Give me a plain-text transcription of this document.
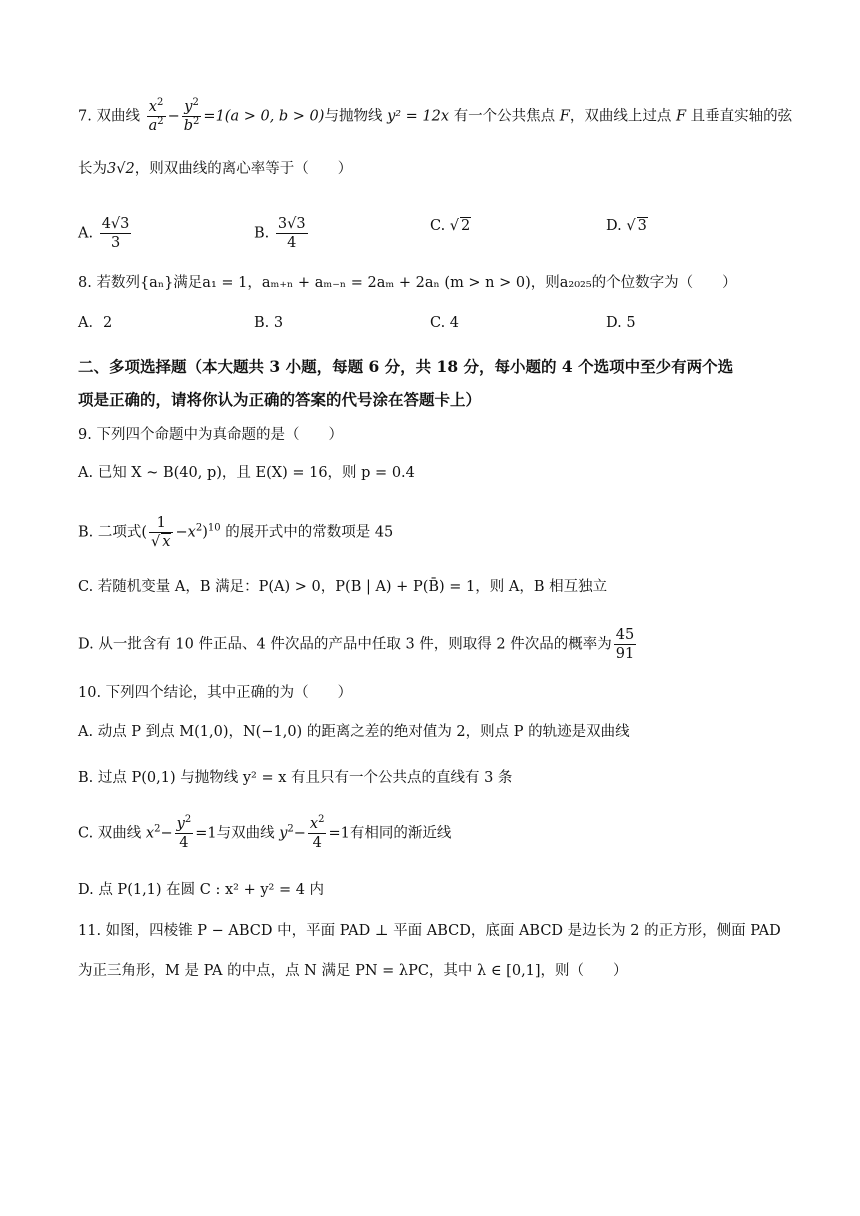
7. 双曲线 $\frac{x^2}{a^2} - \frac{y^2}{b^2} =1(a > 0$, b > 0)与抛物线 y² = 12x 有一个公共焦点 F，双曲线上过点 F 且垂直实轴的弦
长为3√2，则双曲线的离心率等于（　　）
A. $\frac{4√3}{3}$	B. $\frac{3√3}{4}$	C. √ 2	D. √ 3
8. 若数列{aₙ}满足a₁ = 1，aₘ₊ₙ + aₘ₋ₙ = 2aₘ + 2aₙ (m > n > 0)，则a₂₀₂₅的个位数字为（　　）
A．2	B. 3	C. 4	D. 5
二、多项选择题（本大题共 3 小题，每题 6 分，共 18 分，每小题的 4 个选项中至少有两个选
项是正确的，请将你认为正确的答案的代号涂在答题卡上）
9. 下列四个命题中为真命题的是（　　）
A. 已知 X ~ B(40, p)，且 E(X) = 16，则 p = 0.4
B. 二项式( $\frac{1}{√ x} -x^2)^{10}$ 的展开式中的常数项是 45
C. 若随机变量 A，B 满足：P(A) > 0，P(B | A) + P(B̄) = 1，则 A，B 相互独立
D. 从一批含有 10 件正品、4 件次品的产品中任取 3 件，则取得 2 件次品的概率为 $\frac{45}{91}$
10. 下列四个结论，其中正确的为（　　）
A. 动点 P 到点 M(1,0)，N(−1,0) 的距离之差的绝对值为 2，则点 P 的轨迹是双曲线
B. 过点 P(0,1) 与抛物线 y² = x 有且只有一个公共点的直线有 3 条
C. 双曲线 $x^2- \frac{y^2}{4} =1$与双曲线 $y^2- \frac{x^2}{4} =1$有相同的渐近线
D. 点 P(1,1) 在圆 C : x² + y² = 4 内
11. 如图，四棱锥 P − ABCD 中，平面 PAD ⊥ 平面 ABCD，底面 ABCD 是边长为 2 的正方形，侧面 PAD
为正三角形，M 是 PA 的中点，点 N 满足 PN = λPC，其中 λ ∈ [0,1]，则（　　）
